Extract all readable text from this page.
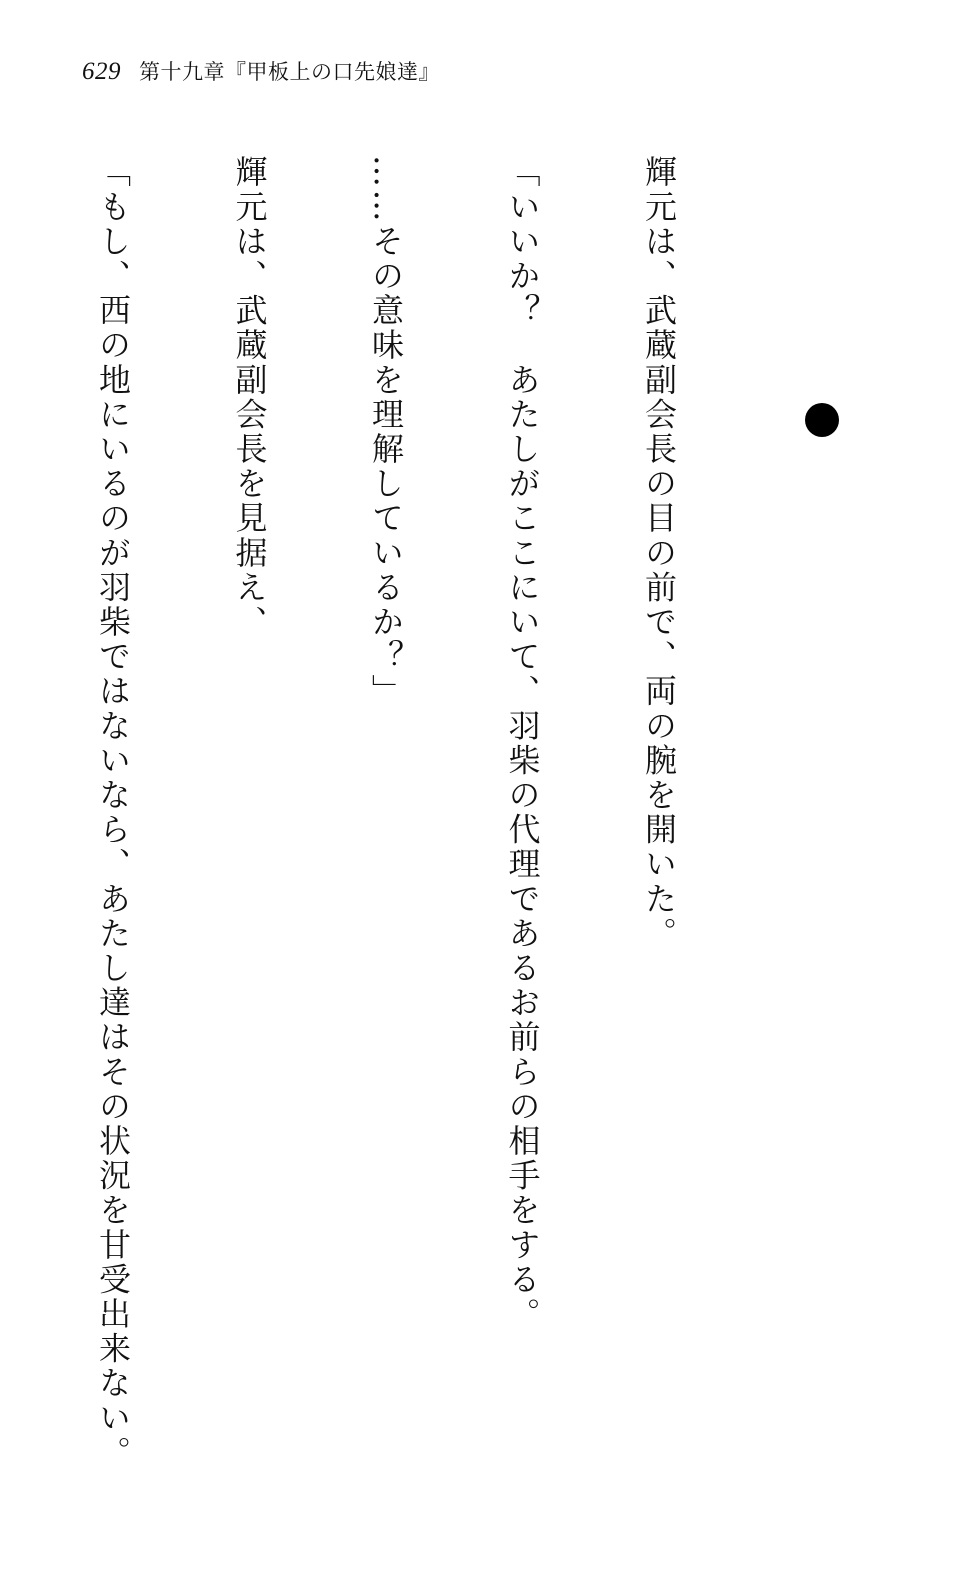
629 第十九章『甲板上の口先娘達』

輝元は、武蔵副会長の目の前で、両の腕を開いた。

「いいか？　あたしがここにいて、羽柴の代理であるお前らの相手をする。

……その意味を理解しているか？」

輝元は、武蔵副会長を見据え、

「もし、西の地にいるのが羽柴ではないなら、あたし達はその状況を甘受出来ない。
